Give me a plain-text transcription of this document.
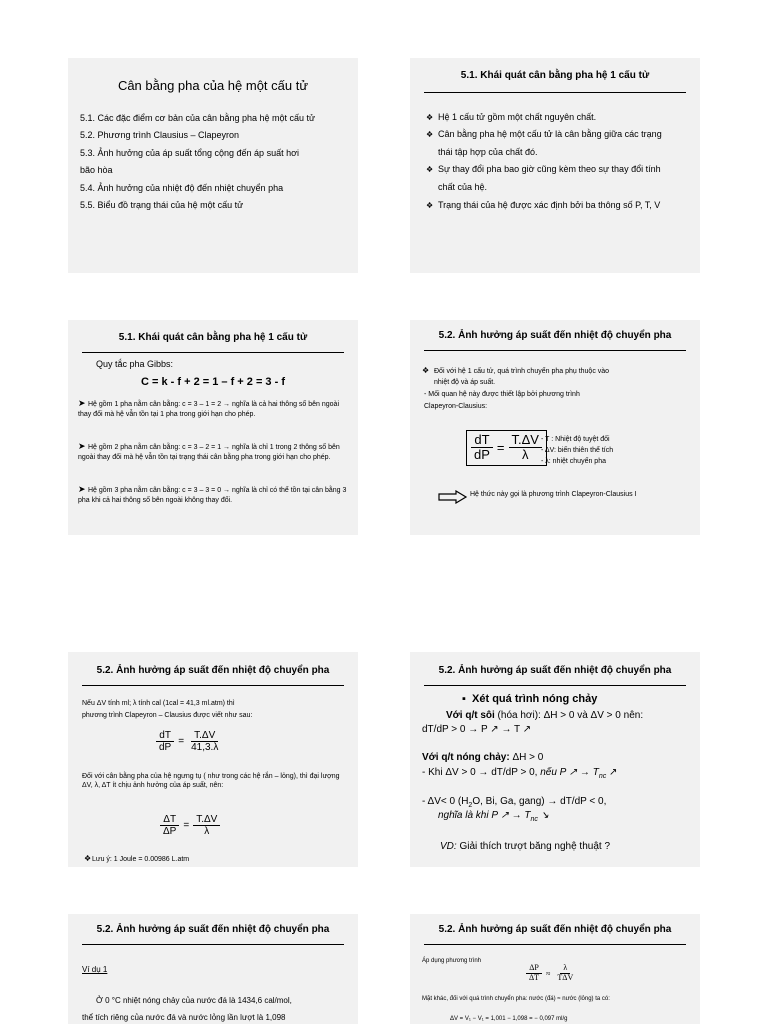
Cân bằng pha của hệ một cấu tử
5.1. Các đặc điểm cơ bản của cân bằng pha hệ một cấu tử
5.2. Phương trình Clausius – Clapeyron
5.3. Ảnh hưởng của áp suất tổng cộng đến áp suất hơi
bão hòa
5.4. Ảnh hưởng của nhiệt độ đến nhiệt chuyển pha
5.5. Biểu đồ trạng thái của hệ một cấu tử
5.1. Khái quát cân bằng pha hệ 1 cấu tử
❖ Hệ 1 cấu tử gồm một chất nguyên chất.
❖ Cân bằng pha hệ một cấu tử là cân bằng giữa các trạng
thái tập hợp của chất đó.
❖ Sự thay đổi pha bao giờ cũng kèm theo sự thay đổi tính
chất của hệ.
❖ Trạng thái của hệ được xác định bởi ba thông số P, T, V
5.1. Khái quát cân bằng pha hệ 1 cấu tử
Quy tắc pha Gibbs:
C = k - f + 2 = 1 – f + 2 = 3 - f
➤ Hệ gồm 1 pha nằm cân bằng: c = 3 – 1 = 2 → nghĩa là cả hai thông số bên ngoài thay đổi mà hệ vẫn tồn tại 1 pha trong giới hạn cho phép.
➤ Hệ gồm 2 pha nằm cân bằng: c = 3 – 2 = 1 → nghĩa là chỉ 1 trong 2 thông số bên ngoài thay đổi mà hệ vẫn tồn tại trạng thái cân bằng pha trong giới hạn cho phép.
➤ Hệ gồm 3 pha nằm cân bằng: c = 3 – 3 = 0 → nghĩa là chỉ có thể tồn tại cân bằng 3 pha khi cả hai thông số bên ngoài không thay đổi.
5.2. Ảnh hưởng áp suất đến nhiệt độ chuyển pha
❖ Đối với hệ 1 cấu tử, quá trình chuyển pha phụ thuộc vào
nhiệt độ và áp suất.
- Mối quan hệ này được thiết lập bởi phương trình
Clapeyron-Clausius:
$\frac{dT}{dP} = \frac{T.\Delta V}{\lambda} - T$ : Nhiệt độ tuyệt đối
- ΔV: biến thiên thể tích
- λ: nhiệt chuyển pha
Hệ thức này gọi là phương trình Clapeyron-Clausius I
5.2. Ảnh hưởng áp suất đến nhiệt độ chuyển pha
Nếu ΔV tính ml; λ tính cal (1cal = 41,3 ml.atm) thì
phương trình Clapeyron – Clausius được viết như sau:
$\frac{dT}{dP} = \frac{T.\Delta V}{41,3.\lambda}$
Đối với cân bằng pha của hệ ngưng tụ ( như trong các hệ rắn – lỏng), thì đại lượng ΔV, λ, ΔT ít chịu ảnh hưởng của áp suất, nên:
$\frac{\Delta T}{\Delta P} = \frac{T.\Delta V}{\lambda}$
❖Lưu ý: 1 Joule = 0.00986 L.atm
5.2. Ảnh hưởng áp suất đến nhiệt độ chuyển pha
▪ Xét quá trình nóng chảy
Với q/t sôi (hóa hơi): ΔH > 0 và ΔV > 0 nên:
dT/dP > 0 → P ↗ → T ↗
Với q/t nóng chảy: ΔH > 0
- Khi ΔV > 0 → dT/dP > 0, nếu P ↗ → $T_{nc}$ ↗
- ΔV< 0 ($H_2O$, Bi, Ga, gang) → dT/dP < 0,
nghĩa là khi P ↗ → $T_{nc}$ ↘
VD: Giải thích trượt băng nghệ thuật ?
5.2. Ảnh hưởng áp suất đến nhiệt độ chuyển pha
Ví dụ 1
Ở 0 °C nhiệt nóng chảy của nước đá là 1434,6 cal/mol,
thể tích riêng của nước đá và nước lỏng lần lượt là 1,098
5.2. Ảnh hưởng áp suất đến nhiệt độ chuyển pha
Áp dụng phương trình
$\frac{\Delta P}{\Delta T} \approx \frac{\lambda}{\text{TΔV}}$
Mặt khác, đối với quá trình chuyển pha: nước (đá) ≈ nước (lỏng) ta có:
ΔV = V₁ − V₁ = 1,001 − 1,098 = − 0,097 ml/g
